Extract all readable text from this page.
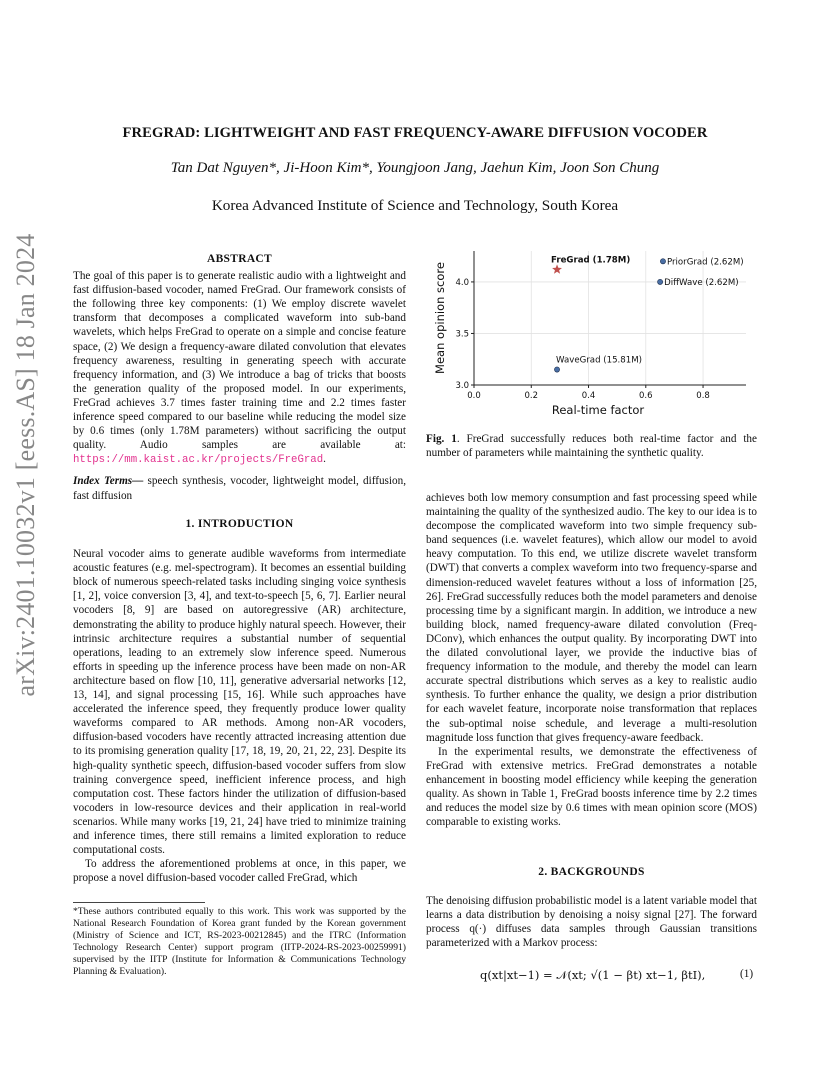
arXiv:2401.10032v1 [eess.AS] 18 Jan 2024
FREGRAD: LIGHTWEIGHT AND FAST FREQUENCY-AWARE DIFFUSION VOCODER
Tan Dat Nguyen*, Ji-Hoon Kim*, Youngjoon Jang, Jaehun Kim, Joon Son Chung
Korea Advanced Institute of Science and Technology, South Korea
ABSTRACT

The goal of this paper is to generate realistic audio with a lightweight and fast diffusion-based vocoder, named FreGrad. Our framework consists of the following three key components: (1) We employ discrete wavelet transform that decomposes a complicated waveform into sub-band wavelets, which helps FreGrad to operate on a simple and concise feature space, (2) We design a frequency-aware dilated convolution that elevates frequency awareness, resulting in generating speech with accurate frequency information, and (3) We introduce a bag of tricks that boosts the generation quality of the proposed model. In our experiments, FreGrad achieves 3.7 times faster training time and 2.2 times faster inference speed compared to our baseline while reducing the model size by 0.6 times (only 1.78M parameters) without sacrificing the output quality. Audio samples are available at: https://mm.kaist.ac.kr/projects/FreGrad.

Index Terms— speech synthesis, vocoder, lightweight model, diffusion, fast diffusion

1. INTRODUCTION

Neural vocoder aims to generate audible waveforms from intermediate acoustic features (e.g. mel-spectrogram). It becomes an essential building block of numerous speech-related tasks including singing voice synthesis [1, 2], voice conversion [3, 4], and text-to-speech [5, 6, 7]. Earlier neural vocoders [8, 9] are based on autoregressive (AR) architecture, demonstrating the ability to produce highly natural speech. However, their intrinsic architecture requires a substantial number of sequential operations, leading to an extremely slow inference speed. Numerous efforts in speeding up the inference process have been made on non-AR architecture based on flow [10, 11], generative adversarial networks [12, 13, 14], and signal processing [15, 16]. While such approaches have accelerated the inference speed, they frequently produce lower quality waveforms compared to AR methods. Among non-AR vocoders, diffusion-based vocoders have recently attracted increasing attention due to its promising generation quality [17, 18, 19, 20, 21, 22, 23]. Despite its high-quality synthetic speech, diffusion-based vocoder suffers from slow training convergence speed, inefficient inference process, and high computation cost. These factors hinder the utilization of diffusion-based vocoders in low-resource devices and their application in real-world scenarios. While many works [19, 21, 24] have tried to minimize training and inference times, there still remains a limited exploration to reduce computational costs.

To address the aforementioned problems at once, in this paper, we propose a novel diffusion-based vocoder called FreGrad, which

*These authors contributed equally to this work. This work was supported by the National Research Foundation of Korea grant funded by the Korean government (Ministry of Science and ICT, RS-2023-00212845) and the ITRC (Information Technology Research Center) support program (IITP-2024-RS-2023-00259991) supervised by the IITP (Institute for Information & Communications Technology Planning & Evaluation).
0.0	0.2	0.4	0.6	0.8
3.0
3.5
4.0
Real-time factor
Mean opinion score
FreGrad (1.78M)	PriorGrad (2.62M)
DiffWave (2.62M)
WaveGrad (15.81M)
Fig. 1. FreGrad successfully reduces both real-time factor and the number of parameters while maintaining the synthetic quality.

achieves both low memory consumption and fast processing speed while maintaining the quality of the synthesized audio. The key to our idea is to decompose the complicated waveform into two simple frequency sub-band sequences (i.e. wavelet features), which allow our model to avoid heavy computation. To this end, we utilize discrete wavelet transform (DWT) that converts a complex waveform into two frequency-sparse and dimension-reduced wavelet features without a loss of information [25, 26]. FreGrad successfully reduces both the model parameters and denoise processing time by a significant margin. In addition, we introduce a new building block, named frequency-aware dilated convolution (Freq-DConv), which enhances the output quality. By incorporating DWT into the dilated convolutional layer, we provide the inductive bias of frequency information to the module, and thereby the model can learn accurate spectral distributions which serves as a key to realistic audio synthesis. To further enhance the quality, we design a prior distribution for each wavelet feature, incorporate noise transformation that replaces the sub-optimal noise schedule, and leverage a multi-resolution magnitude loss function that gives frequency-aware feedback.

In the experimental results, we demonstrate the effectiveness of FreGrad with extensive metrics. FreGrad demonstrates a notable enhancement in boosting model efficiency while keeping the generation quality. As shown in Table 1, FreGrad boosts inference time by 2.2 times and reduces the model size by 0.6 times with mean opinion score (MOS) comparable to existing works.

2. BACKGROUNDS
The denoising diffusion probabilistic model is a latent variable model that learns a data distribution by denoising a noisy signal [27]. The forward process q(·) diffuses data samples through Gaussian transitions parameterized with a Markov process:
q(xt|xt−1) = 𝒩(xt; √(1 − βt) xt−1, βtI),	(1)
